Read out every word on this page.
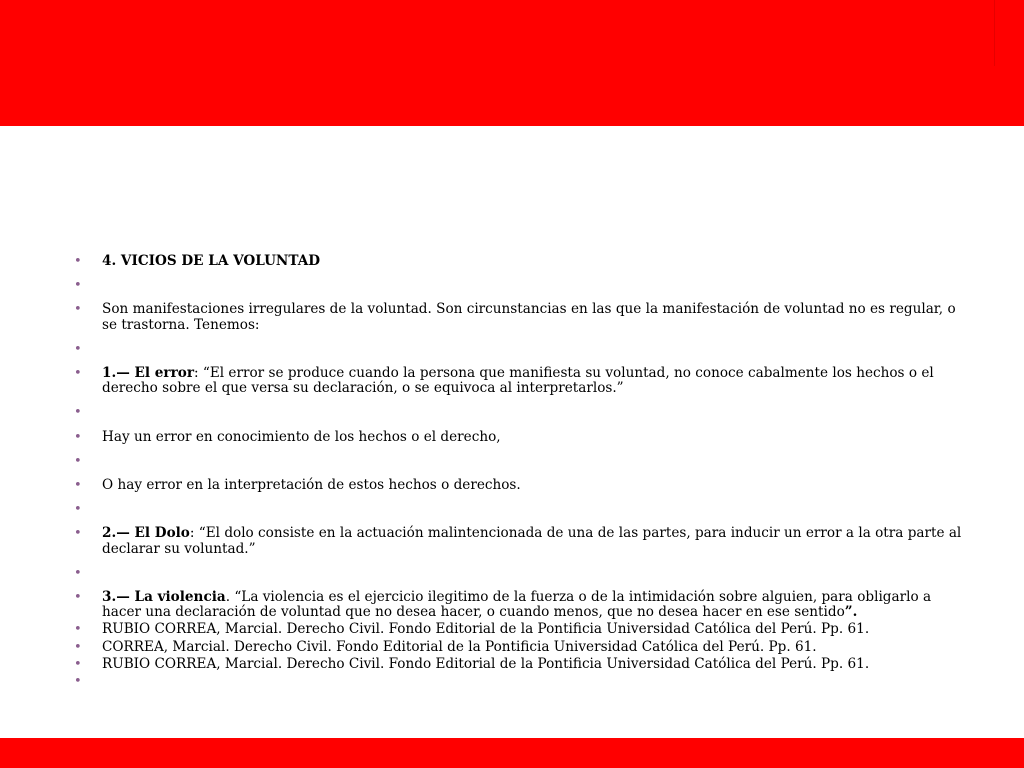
• 4. VICIOS DE LA VOLUNTAD
•

• Son manifestaciones irregulares de la voluntad. Son circunstancias en las que la manifestación de voluntad no es regular, o se trastorna. Tenemos:
•

• 1.— El error: “El error se produce cuando la persona que manifiesta su voluntad, no conoce cabalmente los hechos o el derecho sobre el que versa su declaración, o se equivoca al interpretarlos.”
•

• Hay un error en conocimiento de los hechos o el derecho,
•

• O hay error en la interpretación de estos hechos o derechos.
•

• 2.— El Dolo: “El dolo consiste en la actuación malintencionada de una de las partes, para inducir un error a la otra parte al declarar su voluntad.”
•

• 3.— La violencia. “La violencia es el ejercicio ilegitimo de la fuerza o de la intimidación sobre alguien, para obligarlo a hacer una declaración de voluntad que no desea hacer, o cuando menos, que no desea hacer en ese sentido”.
• RUBIO CORREA, Marcial. Derecho Civil. Fondo Editorial de la Pontificia Universidad Católica del Perú. Pp. 61.
• CORREA, Marcial. Derecho Civil. Fondo Editorial de la Pontificia Universidad Católica del Perú. Pp. 61.
• RUBIO CORREA, Marcial. Derecho Civil. Fondo Editorial de la Pontificia Universidad Católica del Perú. Pp. 61.
•
